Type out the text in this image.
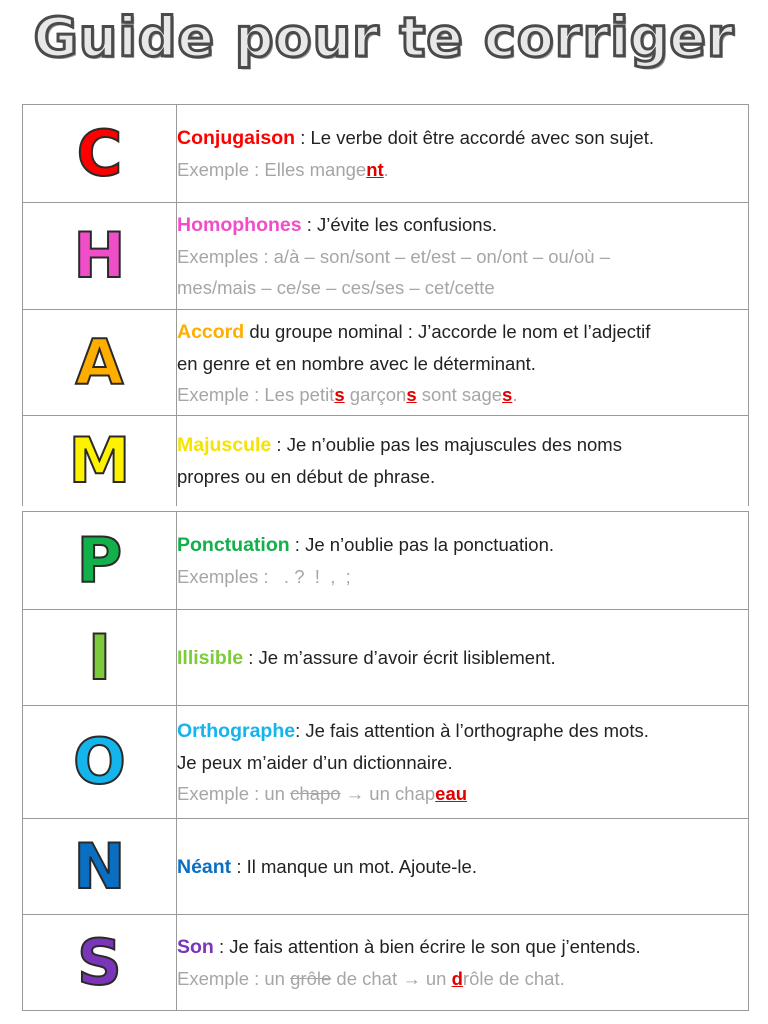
Guide pour te corriger
C	Conjugaison : Le verbe doit être accordé avec son sujet.
Exemple : Elles mangent.

H	Homophones : J’évite les confusions.
Exemples : a/à – son/sont – et/est – on/ont – ou/où –
mes/mais – ce/se – ces/ses – cet/cette

A	Accord du groupe nominal : J’accorde le nom et l’adjectif
en genre et en nombre avec le déterminant.
Exemple : Les petits garçons sont sages.

M	Majuscule : Je n’oublie pas les majuscules des noms
propres ou en début de phrase.
P	Ponctuation : Je n’oublie pas la ponctuation.
Exemples :   . ?  !  ,  ;

I	Illisible : Je m’assure d’avoir écrit lisiblement.

O	Orthographe: Je fais attention à l’orthographe des mots.
Je peux m’aider d’un dictionnaire.
Exemple : un chapo → un chapeau

N	Néant : Il manque un mot. Ajoute-le.

S	Son : Je fais attention à bien écrire le son que j’entends.
Exemple : un grôle de chat → un drôle de chat.
